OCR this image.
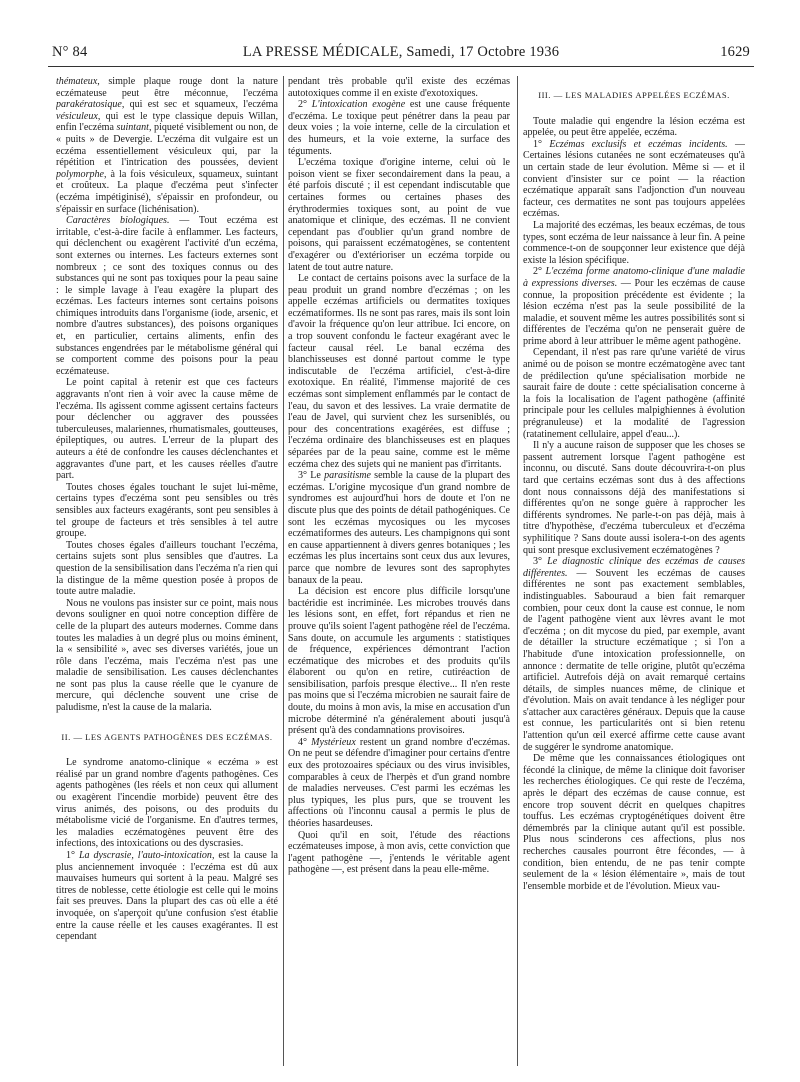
N° 84	LA PRESSE MÉDICALE, Samedi, 17 Octobre 1936	1629

thémateux, simple plaque rouge dont la nature eczémateuse peut être méconnue, l'eczéma parakératosique, qui est sec et squameux, l'eczéma vésiculeux, qui est le type classique depuis Willan, enfin l'eczéma suintant, piqueté visiblement ou non, de « puits » de Devergie. L'eczéma dit vulgaire est un eczéma essentiellement vésiculeux qui, par la répétition et l'intrication des poussées, devient polymorphe, à la fois vésiculeux, squameux, suintant et croûteux. La plaque d'eczéma peut s'infecter (eczéma impétiginisé), s'épaissir en profondeur, ou s'épaissir en surface (lichénisation).

Caractères biologiques. — Tout eczéma est irritable, c'est-à-dire facile à enflammer. Les facteurs, qui déclenchent ou exagèrent l'activité d'un eczéma, sont externes ou internes. Les facteurs externes sont nombreux ; ce sont des toxiques connus ou des substances qui ne sont pas toxiques pour la peau saine : le simple lavage à l'eau exagère la plupart des eczémas. Les facteurs internes sont certains poisons chimiques introduits dans l'organisme (iode, arsenic, et nombre d'autres substances), des poisons organiques et, en particulier, certains aliments, enfin des substances engendrées par le métabolisme général qui se comportent comme des poisons pour la peau eczémateuse.

Le point capital à retenir est que ces facteurs aggravants n'ont rien à voir avec la cause même de l'eczéma. Ils agissent comme agissent certains facteurs pour déclencher ou aggraver des poussées tuberculeuses, malariennes, rhumatismales, goutteuses, épileptiques, ou autres. L'erreur de la plupart des auteurs a été de confondre les causes déclenchantes et aggravantes d'une part, et les causes réelles d'autre part.

Toutes choses égales touchant le sujet lui-même, certains types d'eczéma sont peu sensibles ou très sensibles aux facteurs exagérants, sont peu sensibles à tel groupe de facteurs et très sensibles à tel autre groupe.

Toutes choses égales d'ailleurs touchant l'eczéma, certains sujets sont plus sensibles que d'autres. La question de la sensibilisation dans l'eczéma n'a rien qui la distingue de la même question posée à propos de toute autre maladie.

Nous ne voulons pas insister sur ce point, mais nous devons souligner en quoi notre conception diffère de celle de la plupart des auteurs modernes. Comme dans toutes les maladies à un degré plus ou moins éminent, la « sensibilité », avec ses diverses variétés, joue un rôle dans l'eczéma, mais l'eczéma n'est pas une maladie de sensibilisation. Les causes déclenchantes ne sont pas plus la cause réelle que le cyanure de mercure, qui déclenche souvent une crise de paludisme, n'est la cause de la malaria.

II. — LES AGENTS PATHOGÈNES DES ECZÉMAS.

Le syndrome anatomo-clinique « eczéma » est réalisé par un grand nombre d'agents pathogènes. Ces agents pathogènes (les réels et non ceux qui allument ou exagèrent l'incendie morbide) peuvent être des virus animés, des poisons, ou des produits du métabolisme vicié de l'organisme. En d'autres termes, les maladies eczématogènes peuvent être des infections, des intoxications ou des dyscrasies.

1° La dyscrasie, l'auto-intoxication, est la cause la plus anciennement invoquée : l'eczéma est dû aux mauvaises humeurs qui sortent à la peau. Malgré ses titres de noblesse, cette étiologie est celle qui le moins fait ses preuves. Dans la plupart des cas où elle a été invoquée, on s'aperçoit qu'une confusion s'est établie entre la cause réelle et les causes exagérantes. Il est cependant

pendant très probable qu'il existe des eczémas autotoxiques comme il en existe d'exotoxiques.

2° L'intoxication exogène est une cause fréquente d'eczéma. Le toxique peut pénétrer dans la peau par deux voies ; la voie interne, celle de la circulation et des humeurs, et la voie externe, la surface des téguments.

L'eczéma toxique d'origine interne, celui où le poison vient se fixer secondairement dans la peau, a été parfois discuté ; il est cependant indiscutable que certaines formes ou certaines phases des érythrodermies toxiques sont, au point de vue anatomique et clinique, des eczémas. Il ne convient cependant pas d'oublier qu'un grand nombre de poisons, qui paraissent eczématogènes, se contentent d'exagérer ou d'extérioriser un eczéma torpide ou latent de tout autre nature.

Le contact de certains poisons avec la surface de la peau produit un grand nombre d'eczémas ; on les appelle eczémas artificiels ou dermatites toxiques eczématiformes. Ils ne sont pas rares, mais ils sont loin d'avoir la fréquence qu'on leur attribue. Ici encore, on a trop souvent confondu le facteur exagérant avec le facteur causal réel. Le banal eczéma des blanchisseuses est donné partout comme le type indiscutable de l'eczéma artificiel, c'est-à-dire exotoxique. En réalité, l'immense majorité de ces eczémas sont simplement enflammés par le contact de l'eau, du savon et des lessives. La vraie dermatite de l'eau de Javel, qui survient chez les surseniblés, ou pour des concentrations exagérées, est diffuse ; l'eczéma ordinaire des blanchisseuses est en plaques séparées par de la peau saine, comme est le même eczéma chez des sujets qui ne manient pas d'irritants.

3° Le parasitisme semble la cause de la plupart des eczémas. L'origine mycosique d'un grand nombre de syndromes est aujourd'hui hors de doute et l'on ne discute plus que des points de détail pathogéniques. Ce sont les eczémas mycosiques ou les mycoses eczématiformes des auteurs. Les champignons qui sont en cause appartiennent à divers genres botaniques ; les eczémas les plus incertains sont ceux dus aux levures, parce que nombre de levures sont des saprophytes banaux de la peau.

La décision est encore plus difficile lorsqu'une bactéridie est incriminée. Les microbes trouvés dans les lésions sont, en effet, fort répandus et rien ne prouve qu'ils soient l'agent pathogène réel de l'eczéma. Sans doute, on accumule les arguments : statistiques de fréquence, expériences démontrant l'action eczématique des microbes et des produits qu'ils élaborent ou qu'on en retire, cutiréaction de sensibilisation, parfois presque élective... Il n'en reste pas moins que si l'eczéma microbien ne saurait faire de doute, du moins à mon avis, la mise en accusation d'un microbe déterminé n'a généralement abouti jusqu'à présent qu'à des condamnations provisoires.

4° Mystérieux restent un grand nombre d'eczémas. On ne peut se défendre d'imaginer pour certains d'entre eux des protozoaires spéciaux ou des virus invisibles, comparables à ceux de l'herpès et d'un grand nombre de maladies nerveuses. C'est parmi les eczémas les plus typiques, les plus purs, que se trouvent les affections où l'inconnu causal a permis le plus de théories hasardeuses.

Quoi qu'il en soit, l'étude des réactions eczémateuses impose, à mon avis, cette conviction que l'agent pathogène —, j'entends le véritable agent pathogène —, est présent dans la peau elle-même.

III. — LES MALADIES APPELÉES ECZÉMAS.

Toute maladie qui engendre la lésion eczéma est appelée, ou peut être appelée, eczéma.

1° Eczémas exclusifs et eczémas incidents. — Certaines lésions cutanées ne sont eczémateuses qu'à un certain stade de leur évolution. Même si — et il convient d'insister sur ce point — la réaction eczématique apparaît sans l'adjonction d'un nouveau facteur, ces dermatites ne sont pas toujours appelées eczémas.

La majorité des eczémas, les beaux eczémas, de tous types, sont eczéma de leur naissance à leur fin. A peine commence-t-on de soupçonner leur existence que déjà existe la lésion spécifique.

2° L'eczéma forme anatomo-clinique d'une maladie à expressions diverses. — Pour les eczémas de cause connue, la proposition précédente est évidente ; la lésion eczéma n'est pas la seule possibilité de la maladie, et souvent même les autres possibilités sont si différentes de l'eczéma qu'on ne penserait guère de prime abord à leur attribuer le même agent pathogène.

Cependant, il n'est pas rare qu'une variété de virus animé ou de poison se montre eczématogène avec tant de prédilection qu'une spécialisation morbide ne saurait faire de doute : cette spécialisation concerne à la fois la localisation de l'agent pathogène (affinité principale pour les cellules malpighiennes à évolution prégranuleuse) et la modalité de l'agression (ratatinement cellulaire, appel d'eau...).

Il n'y a aucune raison de supposer que les choses se passent autrement lorsque l'agent pathogène est inconnu, ou discuté. Sans doute découvrira-t-on plus tard que certains eczémas sont dus à des affections dont nous connaissons déjà des manifestations si différentes qu'on ne songe guère à rapprocher les différents syndromes. Ne parle-t-on pas déjà, mais à titre d'hypothèse, d'eczéma tuberculeux et d'eczéma syphilitique ? Sans doute aussi isolera-t-on des agents qui sont presque exclusivement eczématogènes ?

3° Le diagnostic clinique des eczémas de causes différentes. — Souvent les eczémas de causes différentes ne sont pas exactement semblables, indistinguables. Sabouraud a bien fait remarquer combien, pour ceux dont la cause est connue, le nom de l'agent pathogène vient aux lèvres avant le mot d'eczéma ; on dit mycose du pied, par exemple, avant de détailler la structure eczématique ; si l'on a l'habitude d'une intoxication professionnelle, on annonce : dermatite de telle origine, plutôt qu'eczéma artificiel. Autrefois déjà on avait remarqué certains détails, de simples nuances même, de clinique et d'évolution. Mais on avait tendance à les négliger pour s'attacher aux caractères généraux. Depuis que la cause est connue, les particularités ont si bien retenu l'attention qu'un œil exercé affirme cette cause avant de suggérer le syndrome anatomique.

De même que les connaissances étiologiques ont fécondé la clinique, de même la clinique doit favoriser les recherches étiologiques. Ce qui reste de l'eczéma, après le départ des eczémas de cause connue, est encore trop souvent décrit en quelques chapitres touffus. Les eczémas cryptogénétiques doivent être démembrés par la clinique autant qu'il est possible. Plus nous scinderons ces affections, plus nos recherches causales pourront être fécondes, — à condition, bien entendu, de ne pas tenir compte seulement de la « lésion élémentaire », mais de tout l'ensemble morbide et de l'évolution. Mieux vau-
